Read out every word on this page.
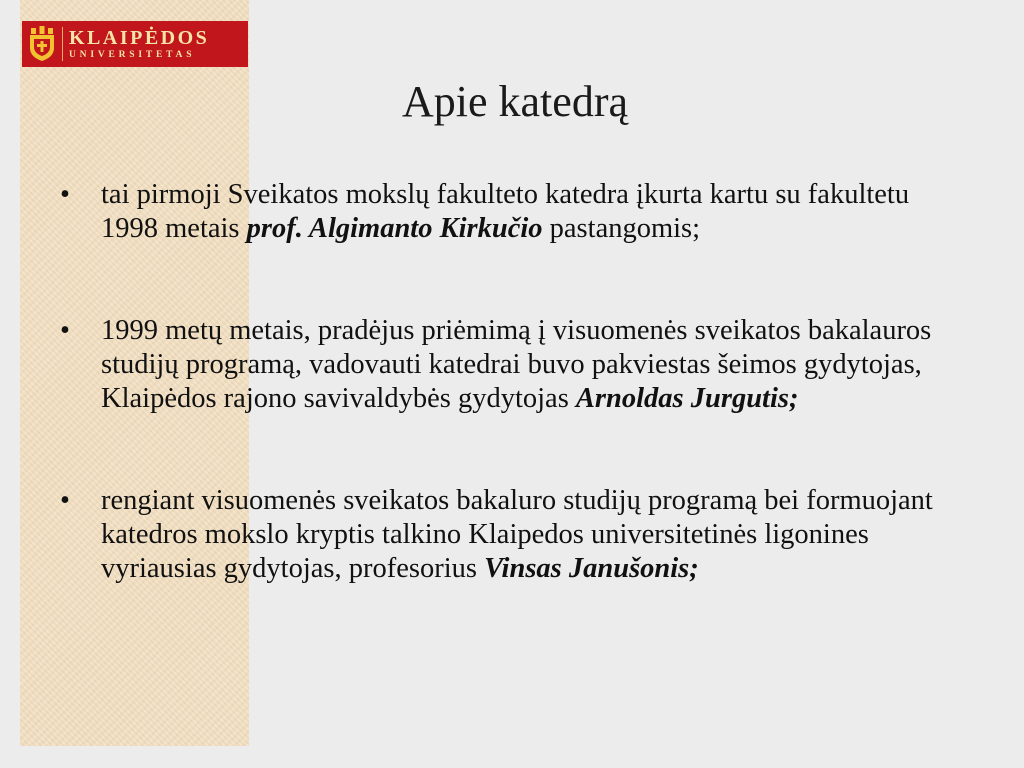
KLAIPĖDOS
UNIVERSITETAS
Apie katedrą
• tai pirmoji Sveikatos mokslų fakulteto katedra įkurta kartu su fakultetu 1998 metais prof. Algimanto Kirkučio pastangomis;
• 1999 metų metais, pradėjus priėmimą į visuomenės sveikatos bakalauros studijų programą, vadovauti katedrai buvo pakviestas šeimos gydytojas, Klaipėdos rajono savivaldybės gydytojas Arnoldas Jurgutis;
• rengiant visuomenės sveikatos bakaluro studijų programą bei formuojant katedros mokslo kryptis talkino Klaipedos universitetinės ligonines vyriausias gydytojas, profesorius Vinsas Janušonis;
